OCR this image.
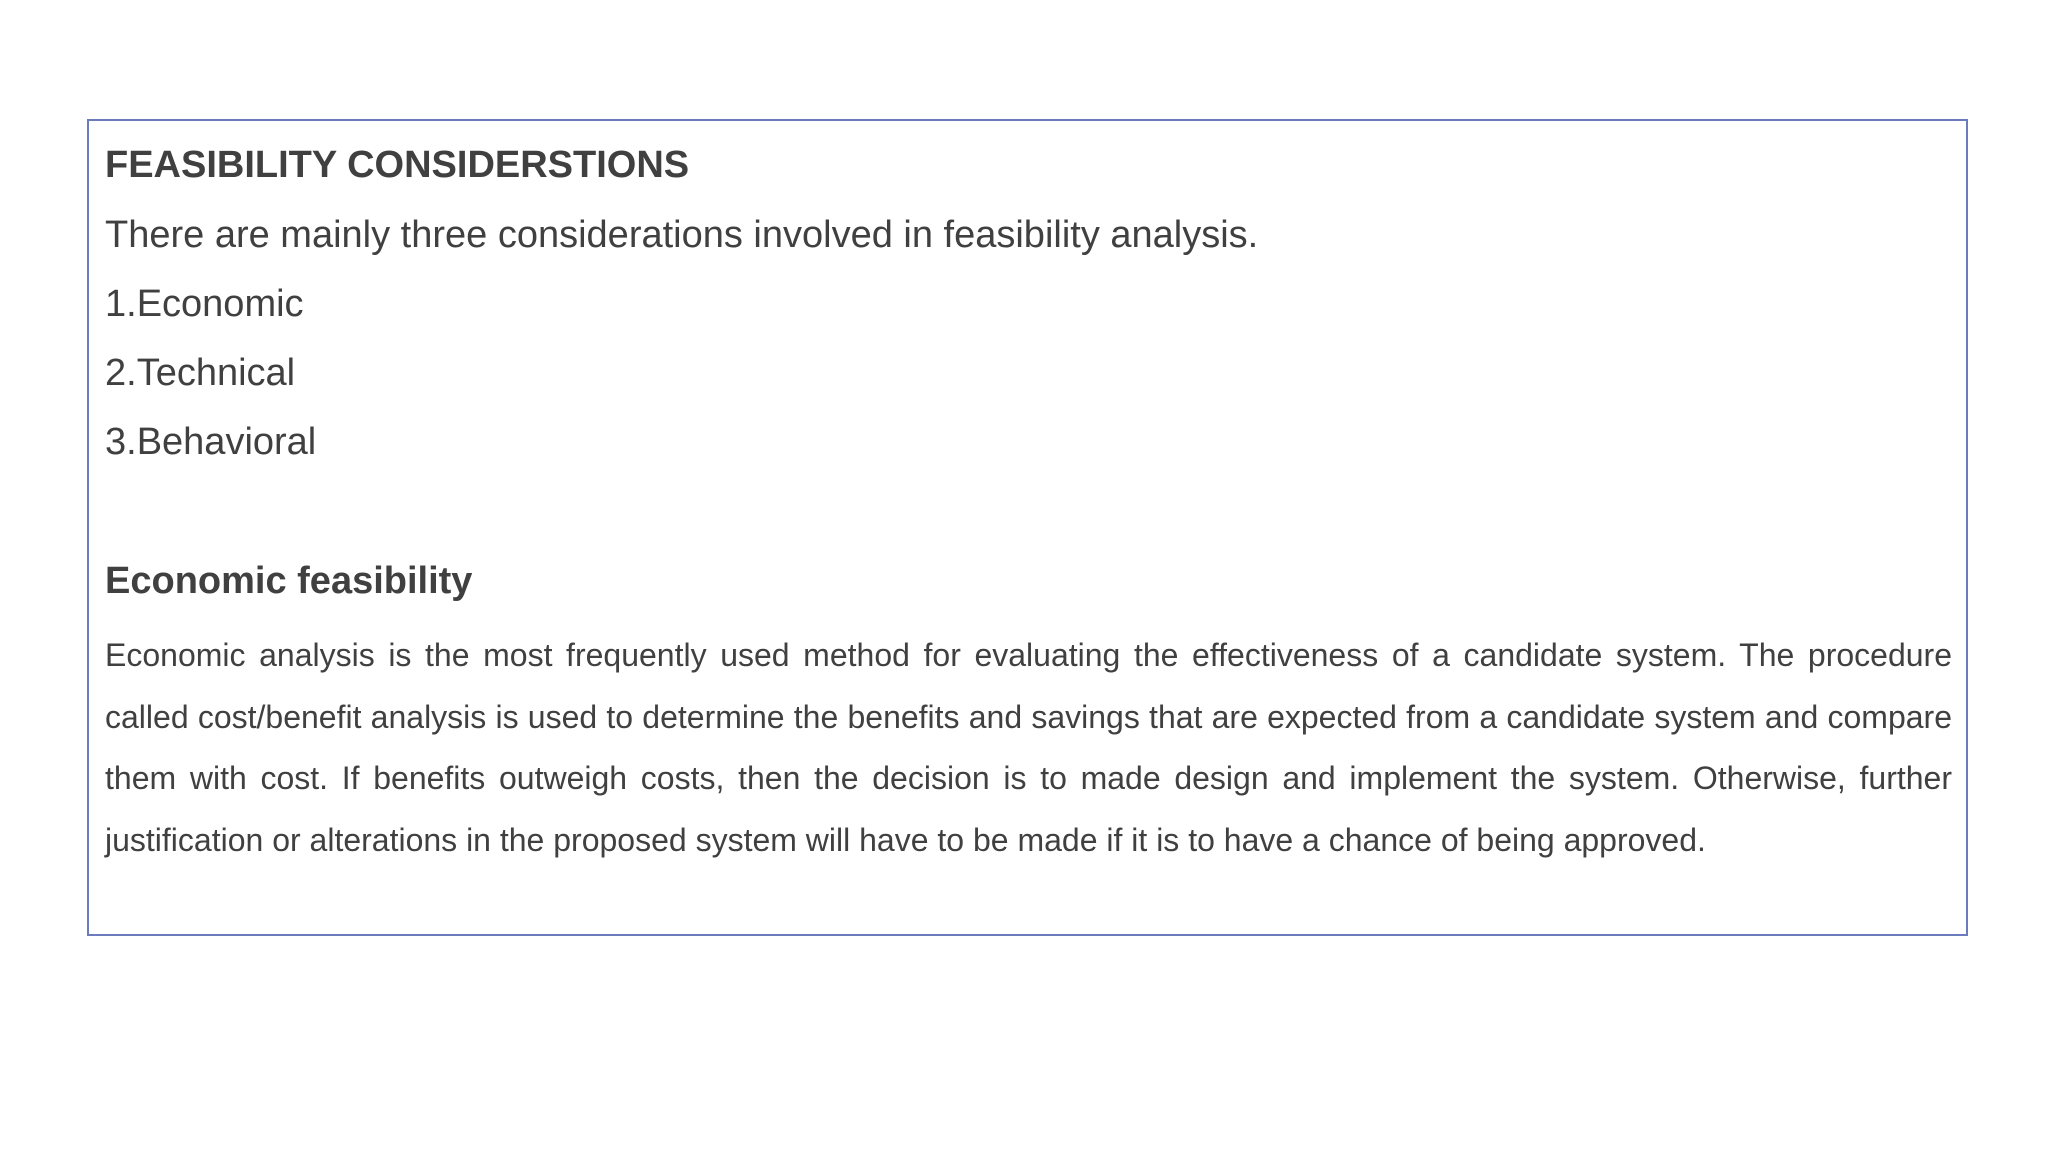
FEASIBILITY CONSIDERSTIONS

There are mainly three considerations involved in feasibility analysis.

1.Economic
2.Technical
3.Behavioral
Economic feasibility

Economic analysis is the most frequently used method for evaluating the effectiveness of a candidate system. The procedure called cost/benefit analysis is used to determine the benefits and savings that are expected from a candidate system and compare them with cost. If benefits outweigh costs, then the decision is to made design and implement the system. Otherwise, further justification or alterations in the proposed system will have to be made if it is to have a chance of being approved.
